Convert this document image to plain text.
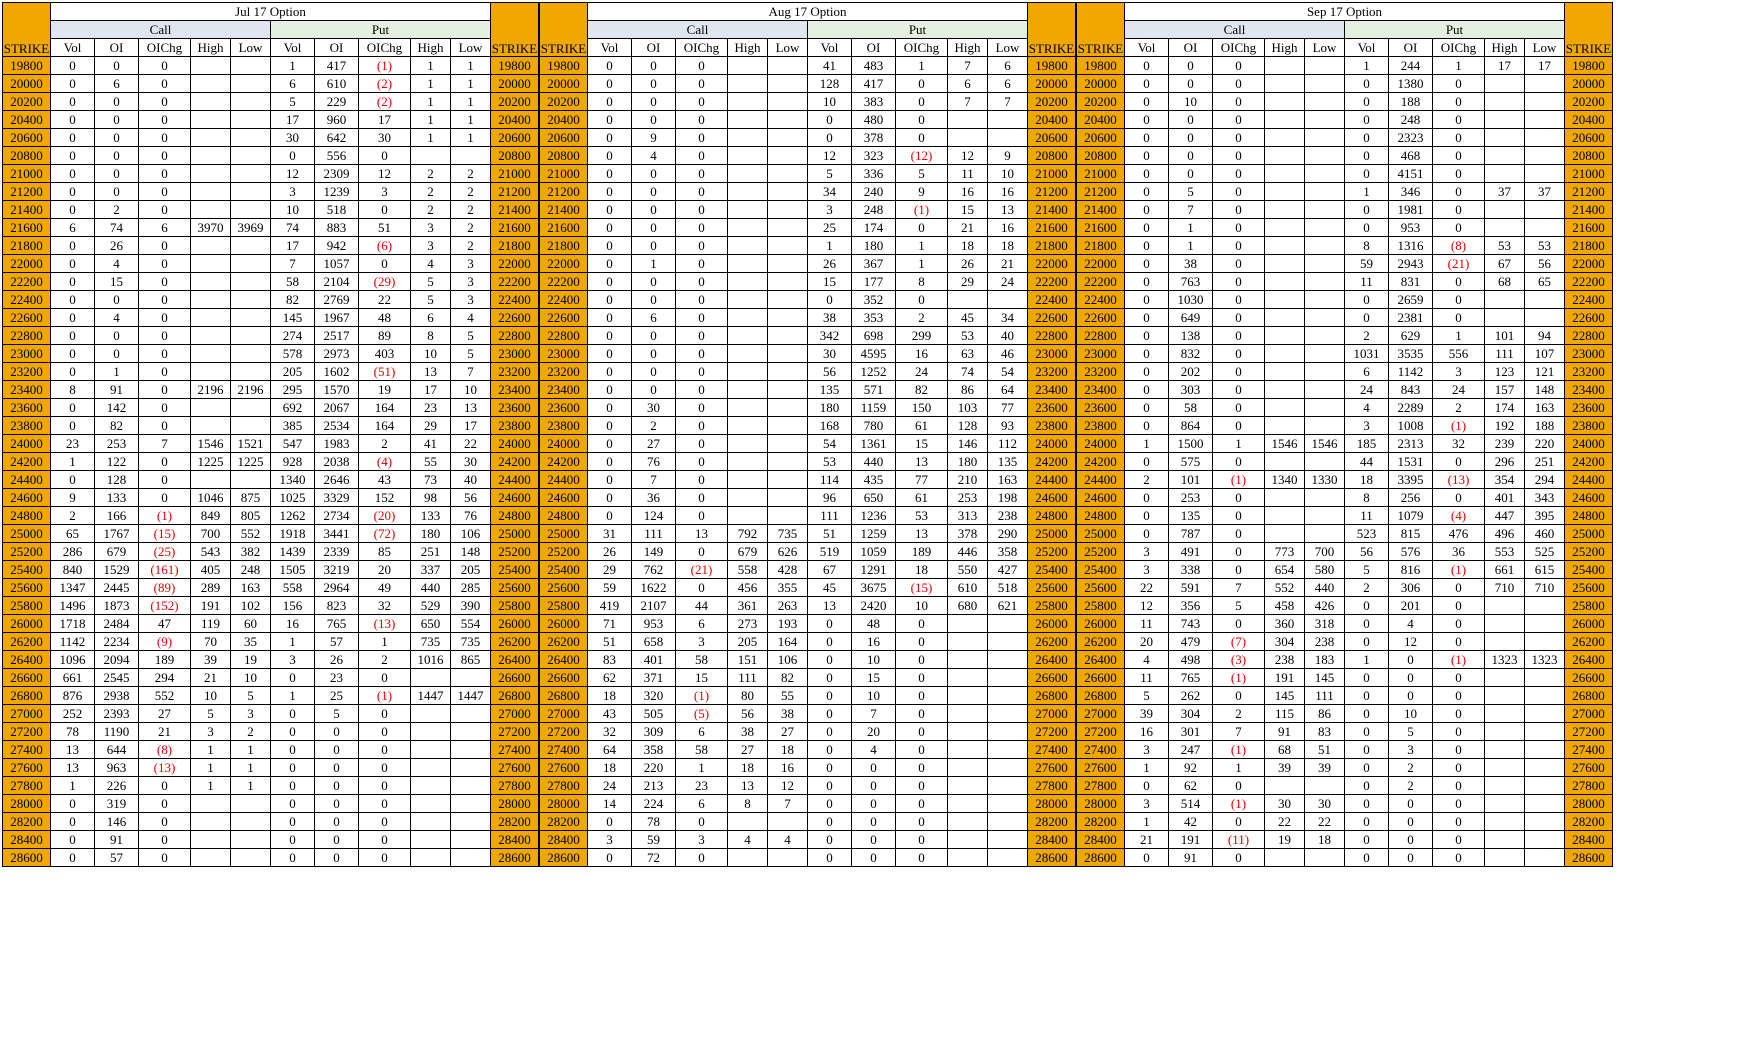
STRIKE	Jul 17 Option										STRIKE
	Call					Put					
	Vol	OI	OIChg	High	Low	Vol	OI	OIChg	High	Low	
19800	0	0	0			1	417	(1)	1	1	19800
20000	0	6	0			6	610	(2)	1	1	20000
20200	0	0	0			5	229	(2)	1	1	20200
20400	0	0	0			17	960	17	1	1	20400
20600	0	0	0			30	642	30	1	1	20600
20800	0	0	0			0	556	0			20800
21000	0	0	0			12	2309	12	2	2	21000
21200	0	0	0			3	1239	3	2	2	21200
21400	0	2	0			10	518	0	2	2	21400
21600	6	74	6	3970	3969	74	883	51	3	2	21600
21800	0	26	0			17	942	(6)	3	2	21800
22000	0	4	0			7	1057	0	4	3	22000
22200	0	15	0			58	2104	(29)	5	3	22200
22400	0	0	0			82	2769	22	5	3	22400
22600	0	4	0			145	1967	48	6	4	22600
22800	0	0	0			274	2517	89	8	5	22800
23000	0	0	0			578	2973	403	10	5	23000
23200	0	1	0			205	1602	(51)	13	7	23200
23400	8	91	0	2196	2196	295	1570	19	17	10	23400
23600	0	142	0			692	2067	164	23	13	23600
23800	0	82	0			385	2534	164	29	17	23800
24000	23	253	7	1546	1521	547	1983	2	41	22	24000
24200	1	122	0	1225	1225	928	2038	(4)	55	30	24200
24400	0	128	0			1340	2646	43	73	40	24400
24600	9	133	0	1046	875	1025	3329	152	98	56	24600
24800	2	166	(1)	849	805	1262	2734	(20)	133	76	24800
25000	65	1767	(15)	700	552	1918	3441	(72)	180	106	25000
25200	286	679	(25)	543	382	1439	2339	85	251	148	25200
25400	840	1529	(161)	405	248	1505	3219	20	337	205	25400
25600	1347	2445	(89)	289	163	558	2964	49	440	285	25600
25800	1496	1873	(152)	191	102	156	823	32	529	390	25800
26000	1718	2484	47	119	60	16	765	(13)	650	554	26000
26200	1142	2234	(9)	70	35	1	57	1	735	735	26200
26400	1096	2094	189	39	19	3	26	2	1016	865	26400
26600	661	2545	294	21	10	0	23	0			26600
26800	876	2938	552	10	5	1	25	(1)	1447	1447	26800
27000	252	2393	27	5	3	0	5	0			27000
27200	78	1190	21	3	2	0	0	0			27200
27400	13	644	(8)	1	1	0	0	0			27400
27600	13	963	(13)	1	1	0	0	0			27600
27800	1	226	0	1	1	0	0	0			27800
28000	0	319	0			0	0	0			28000
28200	0	146	0			0	0	0			28200
28400	0	91	0			0	0	0			28400
28600	0	57	0			0	0	0			28600
STRIKE	Aug 17 Option										STRIKE
	Call					Put					
	Vol	OI	OIChg	High	Low	Vol	OI	OIChg	High	Low	
19800	0	0	0			41	483	1	7	6	19800
20000	0	0	0			128	417	0	6	6	20000
20200	0	0	0			10	383	0	7	7	20200
20400	0	0	0			0	480	0			20400
20600	0	9	0			0	378	0			20600
20800	0	4	0			12	323	(12)	12	9	20800
21000	0	0	0			5	336	5	11	10	21000
21200	0	0	0			34	240	9	16	16	21200
21400	0	0	0			3	248	(1)	15	13	21400
21600	0	0	0			25	174	0	21	16	21600
21800	0	0	0			1	180	1	18	18	21800
22000	0	1	0			26	367	1	26	21	22000
22200	0	0	0			15	177	8	29	24	22200
22400	0	0	0			0	352	0			22400
22600	0	6	0			38	353	2	45	34	22600
22800	0	0	0			342	698	299	53	40	22800
23000	0	0	0			30	4595	16	63	46	23000
23200	0	0	0			56	1252	24	74	54	23200
23400	0	0	0			135	571	82	86	64	23400
23600	0	30	0			180	1159	150	103	77	23600
23800	0	2	0			168	780	61	128	93	23800
24000	0	27	0			54	1361	15	146	112	24000
24200	0	76	0			53	440	13	180	135	24200
24400	0	7	0			114	435	77	210	163	24400
24600	0	36	0			96	650	61	253	198	24600
24800	0	124	0			111	1236	53	313	238	24800
25000	31	111	13	792	735	51	1259	13	378	290	25000
25200	26	149	0	679	626	519	1059	189	446	358	25200
25400	29	762	(21)	558	428	67	1291	18	550	427	25400
25600	59	1622	0	456	355	45	3675	(15)	610	518	25600
25800	419	2107	44	361	263	13	2420	10	680	621	25800
26000	71	953	6	273	193	0	48	0			26000
26200	51	658	3	205	164	0	16	0			26200
26400	83	401	58	151	106	0	10	0			26400
26600	62	371	15	111	82	0	15	0			26600
26800	18	320	(1)	80	55	0	10	0			26800
27000	43	505	(5)	56	38	0	7	0			27000
27200	32	309	6	38	27	0	20	0			27200
27400	64	358	58	27	18	0	4	0			27400
27600	18	220	1	18	16	0	0	0			27600
27800	24	213	23	13	12	0	0	0			27800
28000	14	224	6	8	7	0	0	0			28000
28200	0	78	0			0	0	0			28200
28400	3	59	3	4	4	0	0	0			28400
28600	0	72	0			0	0	0			28600
STRIKE	Sep 17 Option										STRIKE
	Call					Put					
	Vol	OI	OIChg	High	Low	Vol	OI	OIChg	High	Low	
19800	0	0	0			1	244	1	17	17	19800
20000	0	0	0			0	1380	0			20000
20200	0	10	0			0	188	0			20200
20400	0	0	0			0	248	0			20400
20600	0	0	0			0	2323	0			20600
20800	0	0	0			0	468	0			20800
21000	0	0	0			0	4151	0			21000
21200	0	5	0			1	346	0	37	37	21200
21400	0	7	0			0	1981	0			21400
21600	0	1	0			0	953	0			21600
21800	0	1	0			8	1316	(8)	53	53	21800
22000	0	38	0			59	2943	(21)	67	56	22000
22200	0	763	0			11	831	0	68	65	22200
22400	0	1030	0			0	2659	0			22400
22600	0	649	0			0	2381	0			22600
22800	0	138	0			2	629	1	101	94	22800
23000	0	832	0			1031	3535	556	111	107	23000
23200	0	202	0			6	1142	3	123	121	23200
23400	0	303	0			24	843	24	157	148	23400
23600	0	58	0			4	2289	2	174	163	23600
23800	0	864	0			3	1008	(1)	192	188	23800
24000	1	1500	1	1546	1546	185	2313	32	239	220	24000
24200	0	575	0			44	1531	0	296	251	24200
24400	2	101	(1)	1340	1330	18	3395	(13)	354	294	24400
24600	0	253	0			8	256	0	401	343	24600
24800	0	135	0			11	1079	(4)	447	395	24800
25000	0	787	0			523	815	476	496	460	25000
25200	3	491	0	773	700	56	576	36	553	525	25200
25400	3	338	0	654	580	5	816	(1)	661	615	25400
25600	22	591	7	552	440	2	306	0	710	710	25600
25800	12	356	5	458	426	0	201	0			25800
26000	11	743	0	360	318	0	4	0			26000
26200	20	479	(7)	304	238	0	12	0			26200
26400	4	498	(3)	238	183	1	0	(1)	1323	1323	26400
26600	11	765	(1)	191	145	0	0	0			26600
26800	5	262	0	145	111	0	0	0			26800
27000	39	304	2	115	86	0	10	0			27000
27200	16	301	7	91	83	0	5	0			27200
27400	3	247	(1)	68	51	0	3	0			27400
27600	1	92	1	39	39	0	2	0			27600
27800	0	62	0			0	2	0			27800
28000	3	514	(1)	30	30	0	0	0			28000
28200	1	42	0	22	22	0	0	0			28200
28400	21	191	(11)	19	18	0	0	0			28400
28600	0	91	0			0	0	0			28600
